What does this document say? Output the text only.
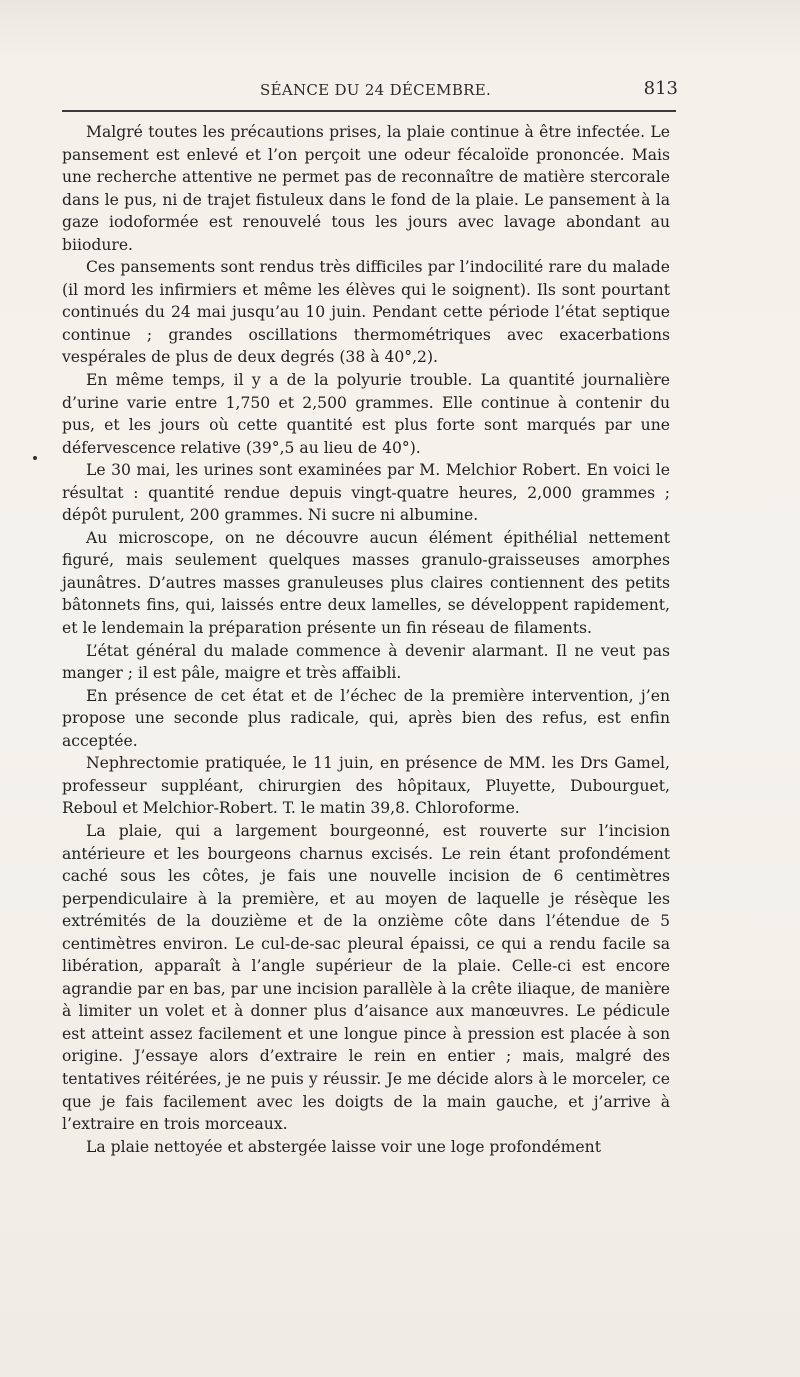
SÉANCE DU 24 DÉCEMBRE.	813

Malgré toutes les précautions prises, la plaie continue à être infectée. Le pansement est enlevé et l’on perçoit une odeur fécaloïde prononcée. Mais une recherche attentive ne permet pas de reconnaître de matière stercorale dans le pus, ni de trajet fistuleux dans le fond de la plaie. Le pansement à la gaze iodoformée est renouvelé tous les jours avec lavage abondant au biiodure.

Ces pansements sont rendus très difficiles par l’indocilité rare du malade (il mord les infirmiers et même les élèves qui le soignent). Ils sont pourtant continués du 24 mai jusqu’au 10 juin. Pendant cette période l’état septique continue ; grandes oscillations thermométriques avec exacerbations vespérales de plus de deux degrés (38 à 40°,2).

En même temps, il y a de la polyurie trouble. La quantité journalière d’urine varie entre 1,750 et 2,500 grammes. Elle continue à contenir du pus, et les jours où cette quantité est plus forte sont marqués par une défervescence relative (39°,5 au lieu de 40°).

Le 30 mai, les urines sont examinées par M. Melchior Robert. En voici le résultat : quantité rendue depuis vingt-quatre heures, 2,000 grammes ; dépôt purulent, 200 grammes. Ni sucre ni albumine.

Au microscope, on ne découvre aucun élément épithélial nettement figuré, mais seulement quelques masses granulo-graisseuses amorphes jaunâtres. D’autres masses granuleuses plus claires contiennent des petits bâtonnets fins, qui, laissés entre deux lamelles, se développent rapidement, et le lendemain la préparation présente un fin réseau de filaments.

L’état général du malade commence à devenir alarmant. Il ne veut pas manger ; il est pâle, maigre et très affaibli.

En présence de cet état et de l’échec de la première intervention, j’en propose une seconde plus radicale, qui, après bien des refus, est enfin acceptée.

Nephrectomie pratiquée, le 11 juin, en présence de MM. les Drs Gamel, professeur suppléant, chirurgien des hôpitaux, Pluyette, Dubourguet, Reboul et Melchior-Robert. T. le matin 39,8. Chloroforme.

La plaie, qui a largement bourgeonné, est rouverte sur l’incision antérieure et les bourgeons charnus excisés. Le rein étant profondément caché sous les côtes, je fais une nouvelle incision de 6 centimètres perpendiculaire à la première, et au moyen de laquelle je résèque les extrémités de la douzième et de la onzième côte dans l’étendue de 5 centimètres environ. Le cul-de-sac pleural épaissi, ce qui a rendu facile sa libération, apparaît à l’angle supérieur de la plaie. Celle-ci est encore agrandie par en bas, par une incision parallèle à la crête iliaque, de manière à limiter un volet et à donner plus d’aisance aux manœuvres. Le pédicule est atteint assez facilement et une longue pince à pression est placée à son origine. J’essaye alors d’extraire le rein en entier ; mais, malgré des tentatives réitérées, je ne puis y réussir. Je me décide alors à le morceler, ce que je fais facilement avec les doigts de la main gauche, et j’arrive à l’extraire en trois morceaux.

La plaie nettoyée et abstergée laisse voir une loge profondément
